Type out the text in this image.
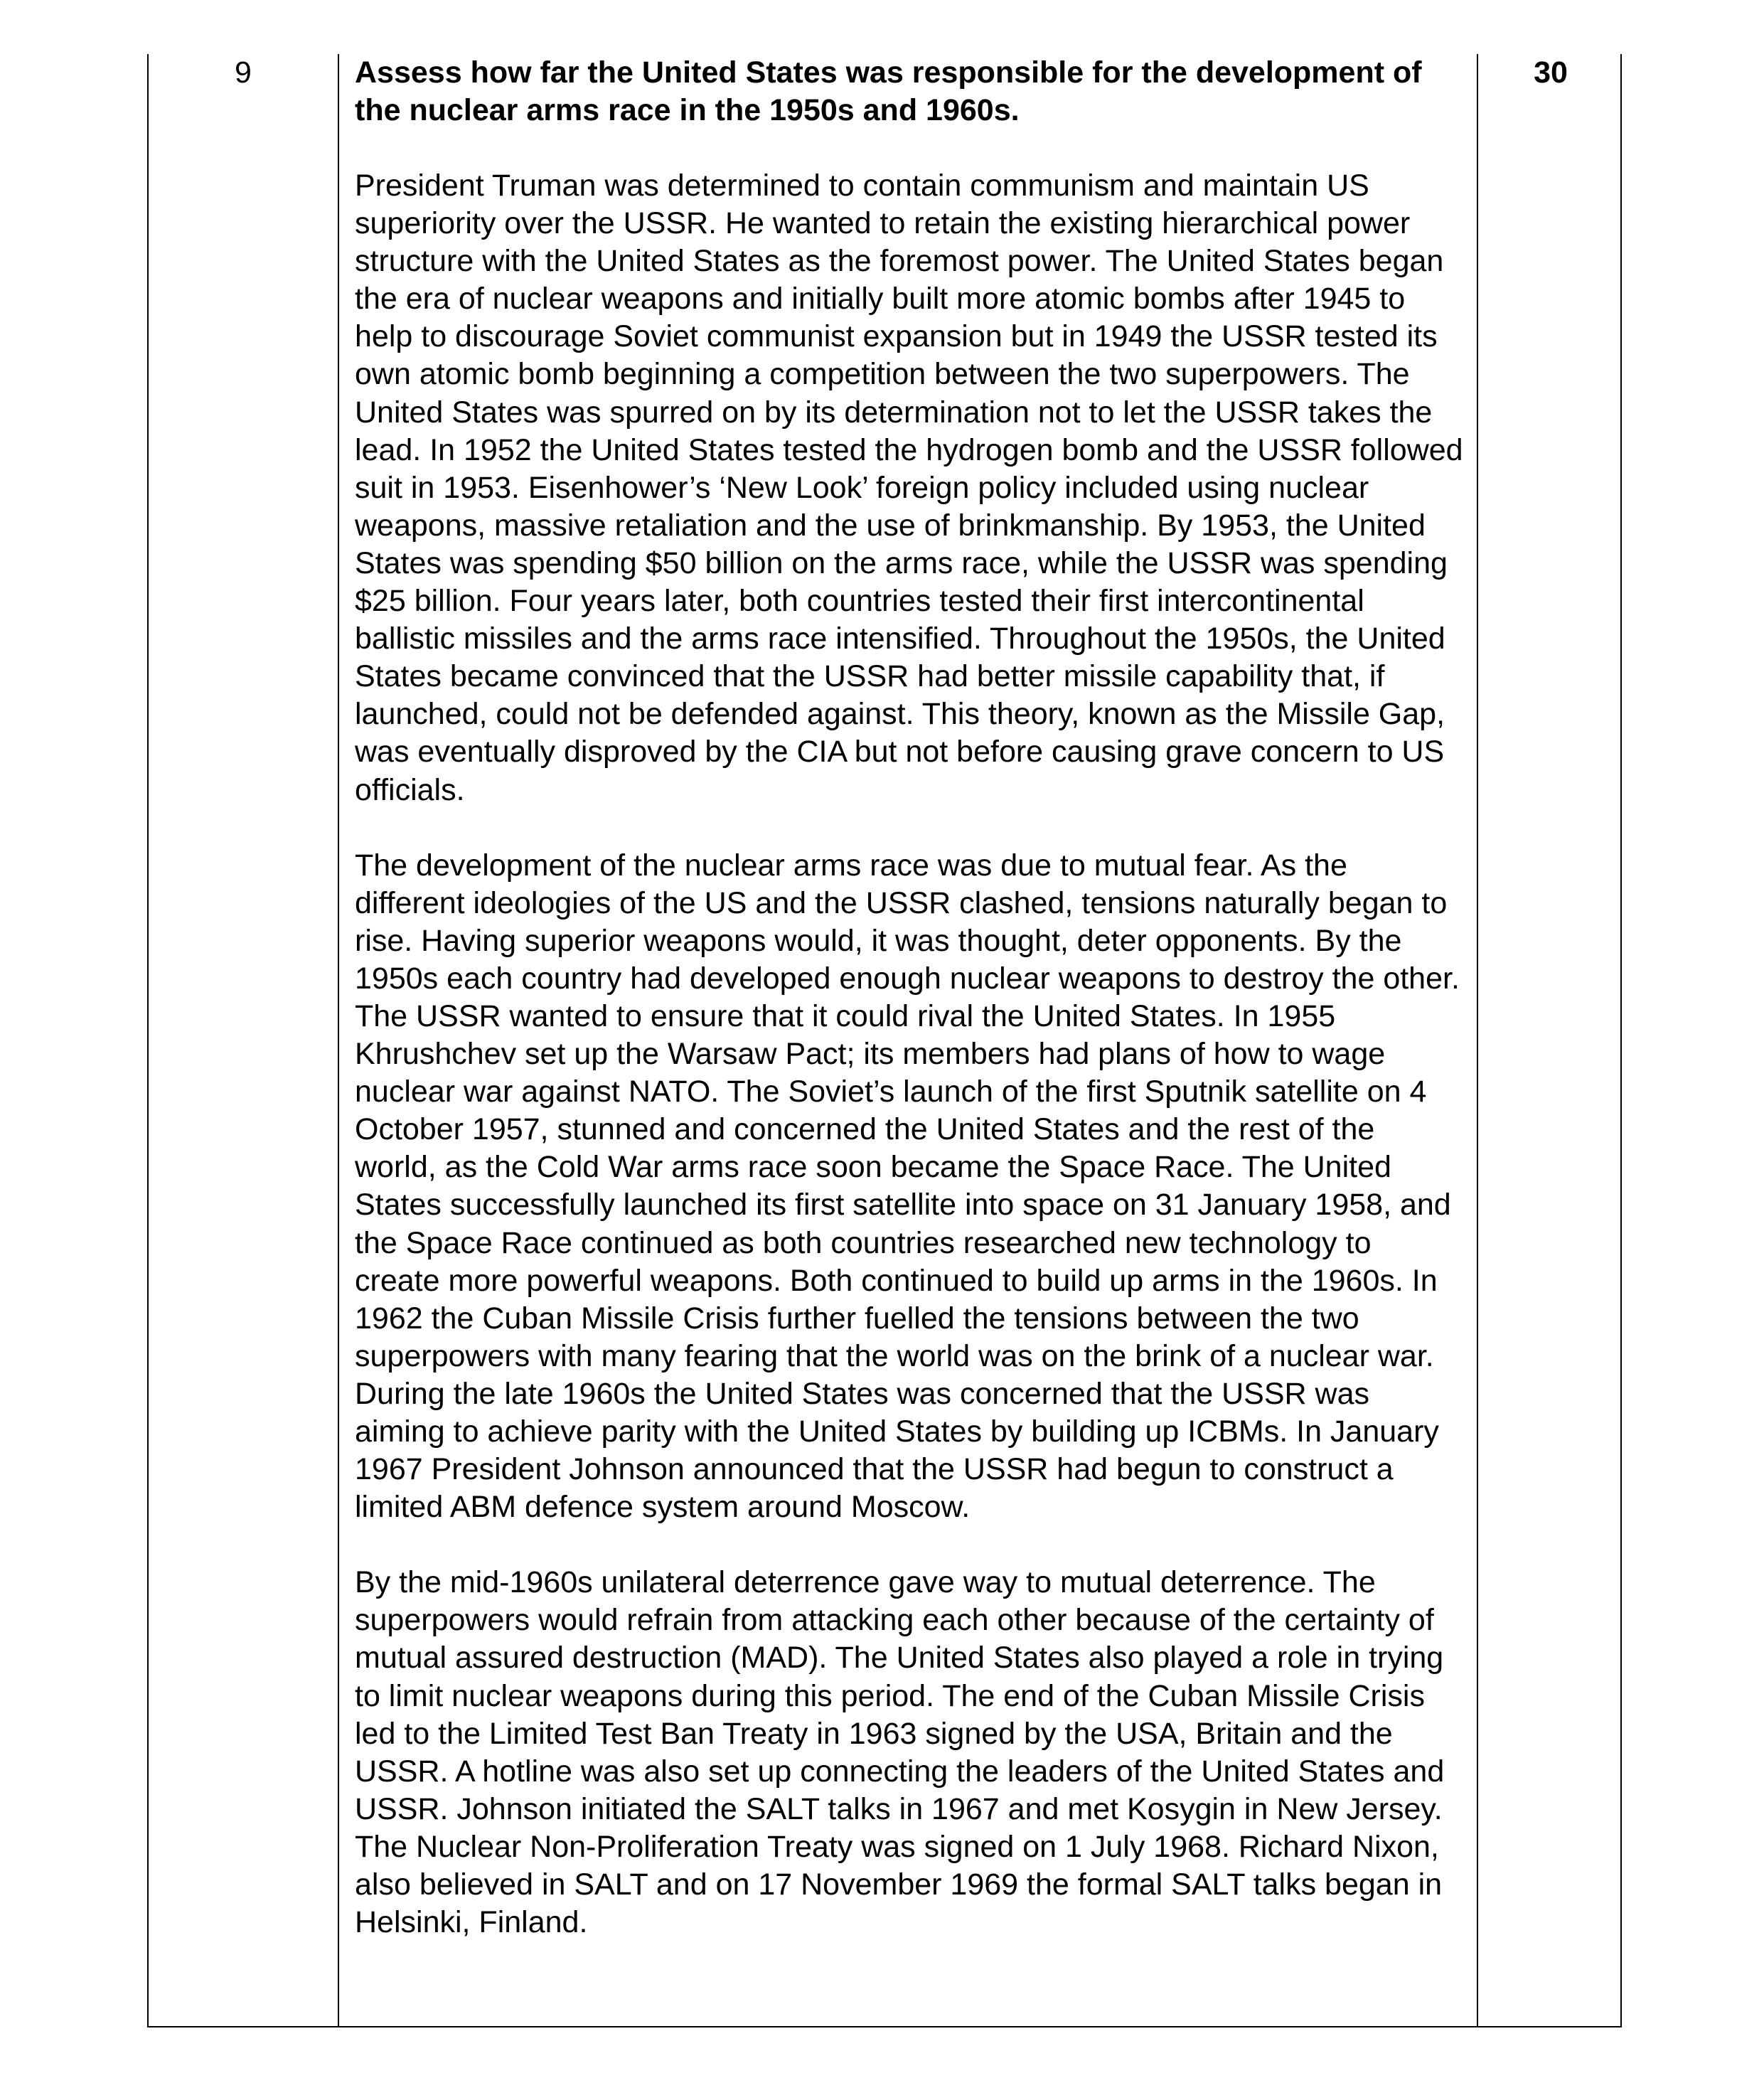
9	Assess how far the United States was responsible for the development of the nuclear arms race in the 1950s and 1960s.

President Truman was determined to contain communism and maintain US superiority over the USSR. He wanted to retain the existing hierarchical power structure with the United States as the foremost power. The United States began the era of nuclear weapons and initially built more atomic bombs after 1945 to help to discourage Soviet communist expansion but in 1949 the USSR tested its own atomic bomb beginning a competition between the two superpowers. The United States was spurred on by its determination not to let the USSR takes the lead. In 1952 the United States tested the hydrogen bomb and the USSR followed suit in 1953. Eisenhower’s ‘New Look’ foreign policy included using nuclear weapons, massive retaliation and the use of brinkmanship. By 1953, the United States was spending $50 billion on the arms race, while the USSR was spending $25 billion. Four years later, both countries tested their first intercontinental ballistic missiles and the arms race intensified. Throughout the 1950s, the United States became convinced that the USSR had better missile capability that, if launched, could not be defended against. This theory, known as the Missile Gap, was eventually disproved by the CIA but not before causing grave concern to US officials.

The development of the nuclear arms race was due to mutual fear. As the different ideologies of the US and the USSR clashed, tensions naturally began to rise. Having superior weapons would, it was thought, deter opponents. By the 1950s each country had developed enough nuclear weapons to destroy the other. The USSR wanted to ensure that it could rival the United States. In 1955 Khrushchev set up the Warsaw Pact; its members had plans of how to wage nuclear war against NATO. The Soviet’s launch of the first Sputnik satellite on 4 October 1957, stunned and concerned the United States and the rest of the world, as the Cold War arms race soon became the Space Race. The United States successfully launched its first satellite into space on 31 January 1958, and the Space Race continued as both countries researched new technology to create more powerful weapons. Both continued to build up arms in the 1960s. In 1962 the Cuban Missile Crisis further fuelled the tensions between the two superpowers with many fearing that the world was on the brink of a nuclear war. During the late 1960s the United States was concerned that the USSR was aiming to achieve parity with the United States by building up ICBMs. In January 1967 President Johnson announced that the USSR had begun to construct a limited ABM defence system around Moscow.

By the mid-1960s unilateral deterrence gave way to mutual deterrence. The superpowers would refrain from attacking each other because of the certainty of mutual assured destruction (MAD). The United States also played a role in trying to limit nuclear weapons during this period. The end of the Cuban Missile Crisis led to the Limited Test Ban Treaty in 1963 signed by the USA, Britain and the USSR. A hotline was also set up connecting the leaders of the United States and USSR. Johnson initiated the SALT talks in 1967 and met Kosygin in New Jersey. The Nuclear Non-Proliferation Treaty was signed on 1 July 1968. Richard Nixon, also believed in SALT and on 17 November 1969 the formal SALT talks began in Helsinki, Finland.

30
